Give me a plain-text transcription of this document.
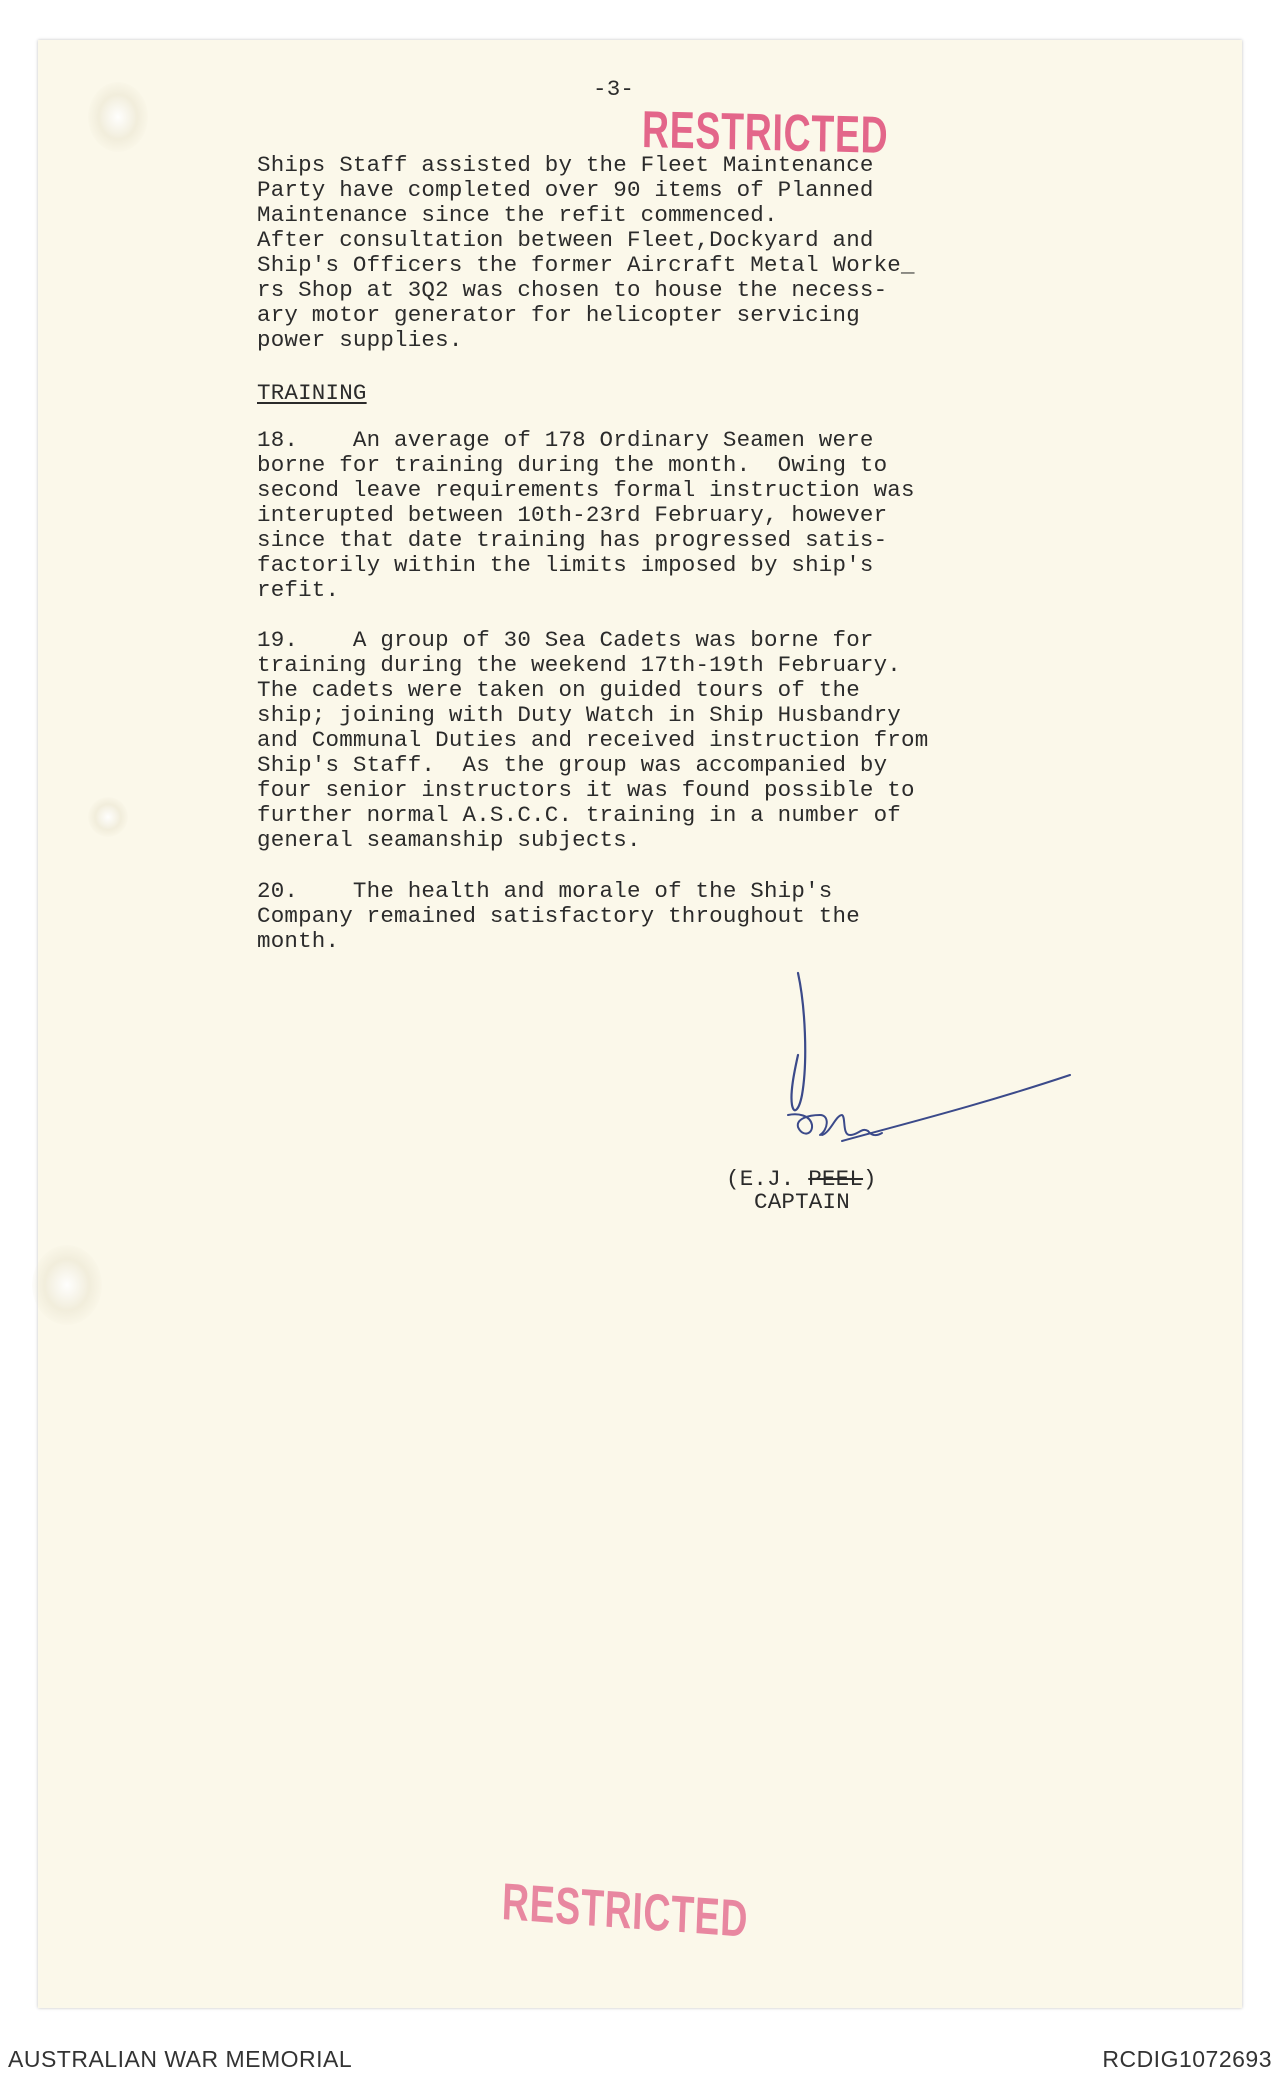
-3-
RESTRICTED
Ships Staff assisted by the Fleet Maintenance
Party have completed over 90 items of Planned
Maintenance since the refit commenced.
After consultation between Fleet,Dockyard and
Ship's Officers the former Aircraft Metal Worke_
rs Shop at 3Q2 was chosen to house the necess-
ary motor generator for helicopter servicing
power supplies.
TRAINING
18.    An average of 178 Ordinary Seamen were
borne for training during the month.  Owing to
second leave requirements formal instruction was
interupted between 10th-23rd February, however
since that date training has progressed satis-
factorily within the limits imposed by ship's
refit.
19.    A group of 30 Sea Cadets was borne for
training during the weekend 17th-19th February.
The cadets were taken on guided tours of the
ship; joining with Duty Watch in Ship Husbandry
and Communal Duties and received instruction from
Ship's Staff.  As the group was accompanied by
four senior instructors it was found possible to
further normal A.S.C.C. training in a number of
general seamanship subjects.
20.    The health and morale of the Ship's
Company remained satisfactory throughout the
month.
(E.J. PEEL)
CAPTAIN
RESTRICTED
AUSTRALIAN WAR MEMORIAL	RCDIG1072693
